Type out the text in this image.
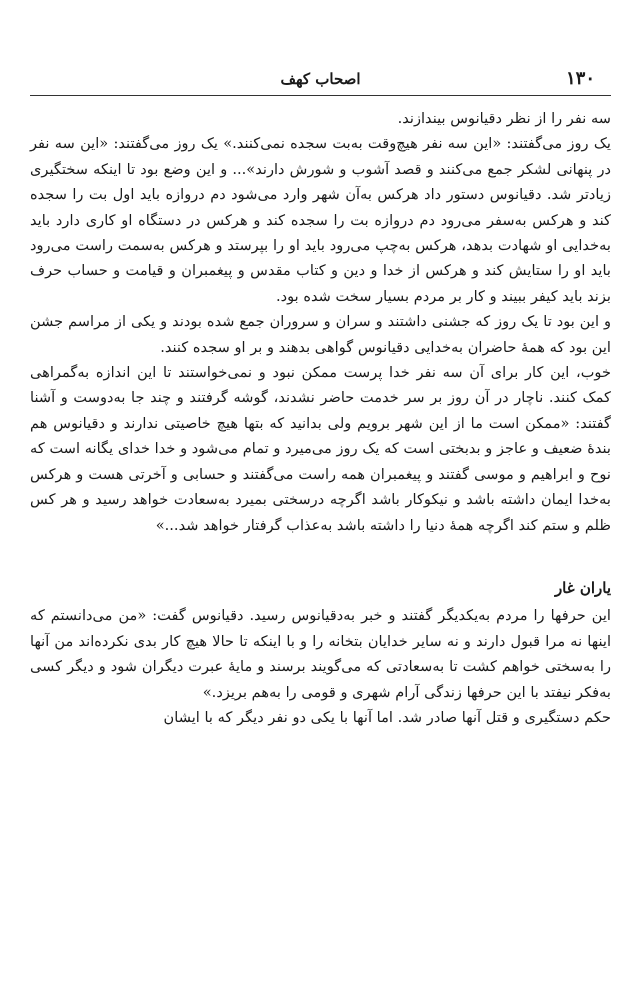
۱۳۰
اصحاب کهف

سه نفر را از نظر دقیانوس بیندازند.

یک روز می‌گفتند: «این سه نفر هیچ‌وقت به‌بت سجده نمی‌کنند.» یک روز می‌گفتند: «این سه نفر در پنهانی لشکر جمع می‌کنند و قصد آشوب و شورش دارند»... و این وضع بود تا اینکه سختگیری زیادتر شد. دقیانوس دستور داد هرکس به‌آن شهر وارد می‌شود دم دروازه باید اول بت را سجده کند و هرکس به‌سفر می‌رود دم دروازه بت را سجده کند و هرکس در دستگاه او کاری دارد باید به‌خدایی او شهادت بدهد، هرکس به‌چپ می‌رود باید او را بپرستد و هرکس به‌سمت راست می‌رود باید او را ستایش کند و هرکس از خدا و دین و کتاب مقدس و پیغمبران و قیامت و حساب حرف بزند باید کیفر ببیند و کار بر مردم بسیار سخت شده بود.

و این بود تا یک روز که جشنی داشتند و سران و سروران جمع شده بودند و یکی از مراسم جشن این بود که همهٔ حاضران به‌خدایی دقیانوس گواهی بدهند و بر او سجده کنند.

خوب، این کار برای آن سه نفر خدا پرست ممکن نبود و نمی‌خواستند تا این اندازه به‌گمراهی کمک کنند. ناچار در آن روز بر سر خدمت حاضر نشدند، گوشه گرفتند و چند جا به‌دوست و آشنا گفتند: «ممکن است ما از این شهر برویم ولی بدانید که بتها هیچ خاصیتی ندارند و دقیانوس هم بندهٔ ضعیف و عاجز و بدبختی است که یک روز می‌میرد و تمام می‌شود و خدا خدای یگانه است که نوح و ابراهیم و موسی گفتند و پیغمبران همه راست می‌گفتند و حسابی و آخرتی هست و هرکس به‌خدا ایمان داشته باشد و نیکوکار باشد اگرچه درسختی بمیرد به‌سعادت خواهد رسید و هر کس ظلم و ستم کند اگرچه همهٔ دنیا را داشته باشد به‌عذاب گرفتار خواهد شد...»

یاران غار

این حرفها را مردم به‌یکدیگر گفتند و خبر به‌دقیانوس رسید. دقیانوس گفت: «من می‌دانستم که اینها نه مرا قبول دارند و نه سایر خدایان بتخانه را و با اینکه تا حالا هیچ کار بدی نکرده‌اند من آنها را به‌سختی خواهم کشت تا به‌سعادتی که می‌گویند برسند و مایهٔ عبرت دیگران شود و دیگر کسی به‌فکر نیفتد با این حرفها زندگی آرام شهری و قومی را به‌هم بریزد.»

حکم دستگیری و قتل آنها صادر شد. اما آنها با یکی دو نفر دیگر که با ایشان
